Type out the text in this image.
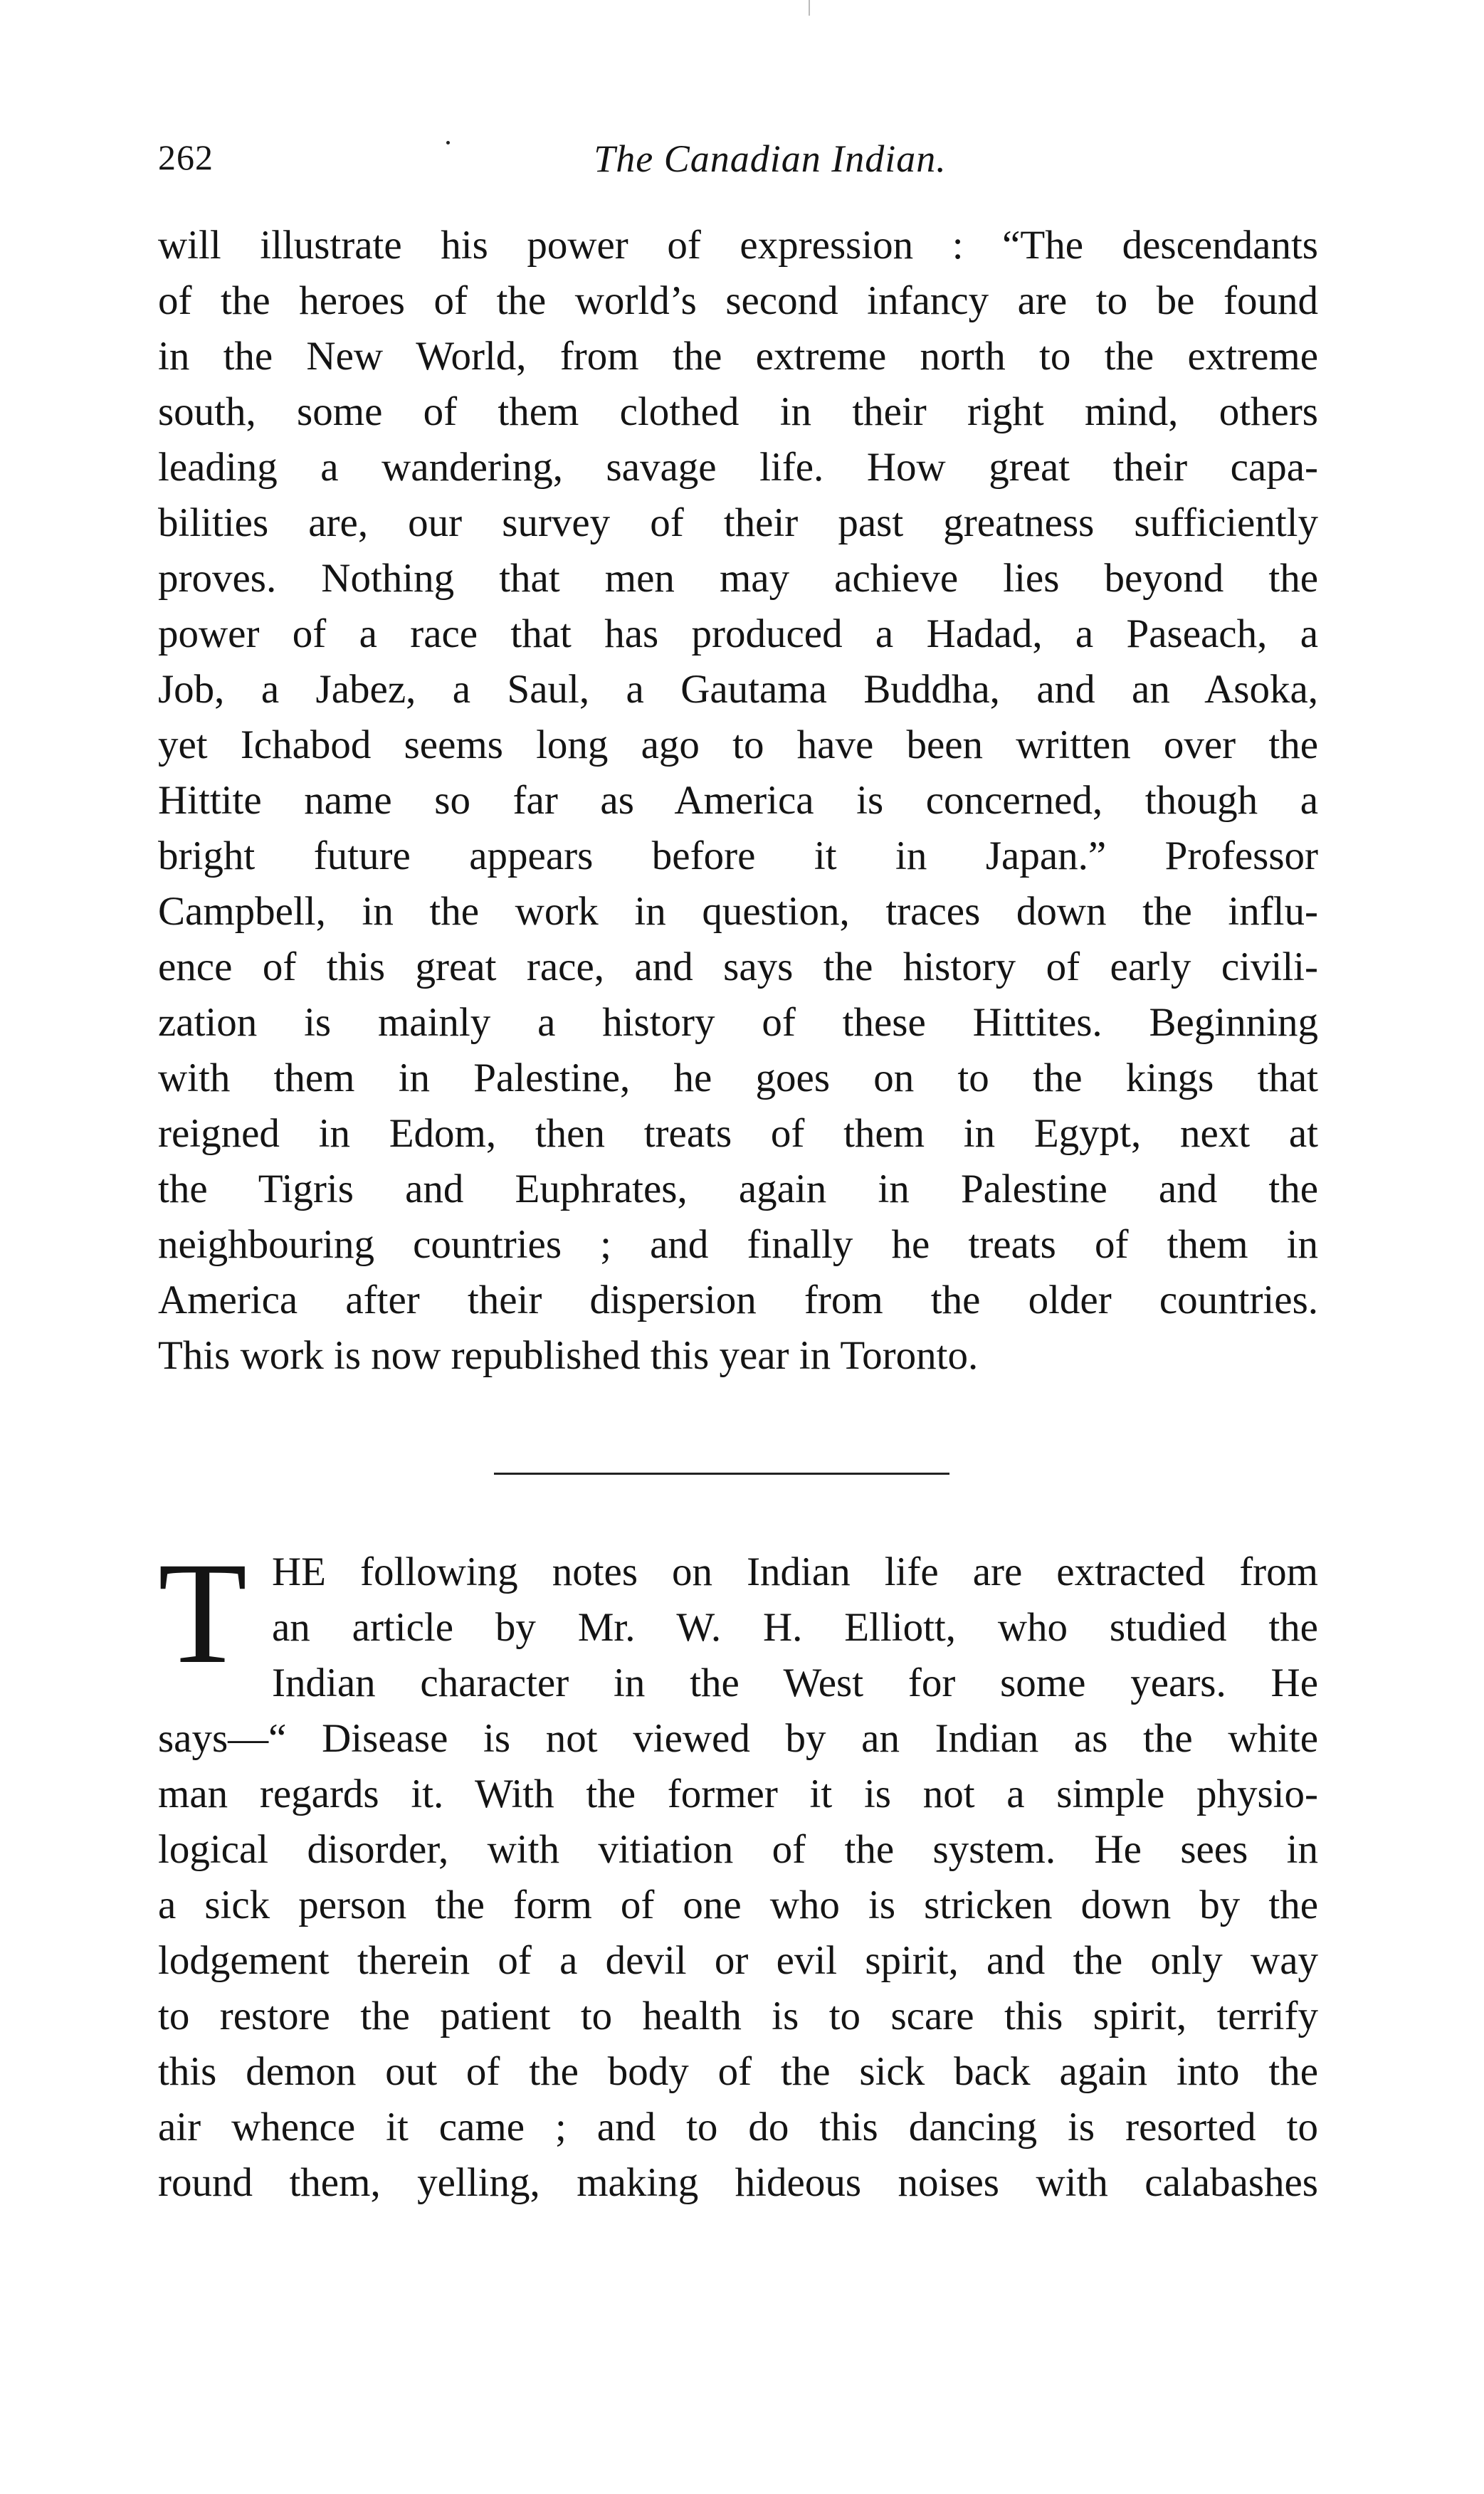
262	The Canadian Indian.
will illustrate his power of expression : “The descendants
of the heroes of the world’s second infancy are to be found
in the New World, from the extreme north to the extreme
south, some of them clothed in their right mind, others
leading a wandering, savage life. How great their capa-
bilities are, our survey of their past greatness sufficiently
proves. Nothing that men may achieve lies beyond the
power of a race that has produced a Hadad, a Paseach, a
Job, a Jabez, a Saul, a Gautama Buddha, and an Asoka,
yet Ichabod seems long ago to have been written over the
Hittite name so far as America is concerned, though a
bright future appears before it in Japan.” Professor
Campbell, in the work in question, traces down the influ-
ence of this great race, and says the history of early civili-
zation is mainly a history of these Hittites. Beginning
with them in Palestine, he goes on to the kings that
reigned in Edom, then treats of them in Egypt, next at
the Tigris and Euphrates, again in Palestine and the
neighbouring countries ; and finally he treats of them in
America after their dispersion from the older countries.
This work is now republished this year in Toronto.
T HE following notes on Indian life are extracted from
an article by Mr. W. H. Elliott, who studied the
Indian character in the West for some years. He
says—“ Disease is not viewed by an Indian as the white
man regards it. With the former it is not a simple physio-
logical disorder, with vitiation of the system. He sees in
a sick person the form of one who is stricken down by the
lodgement therein of a devil or evil spirit, and the only way
to restore the patient to health is to scare this spirit, terrify
this demon out of the body of the sick back again into the
air whence it came ; and to do this dancing is resorted to
round them, yelling, making hideous noises with calabashes
